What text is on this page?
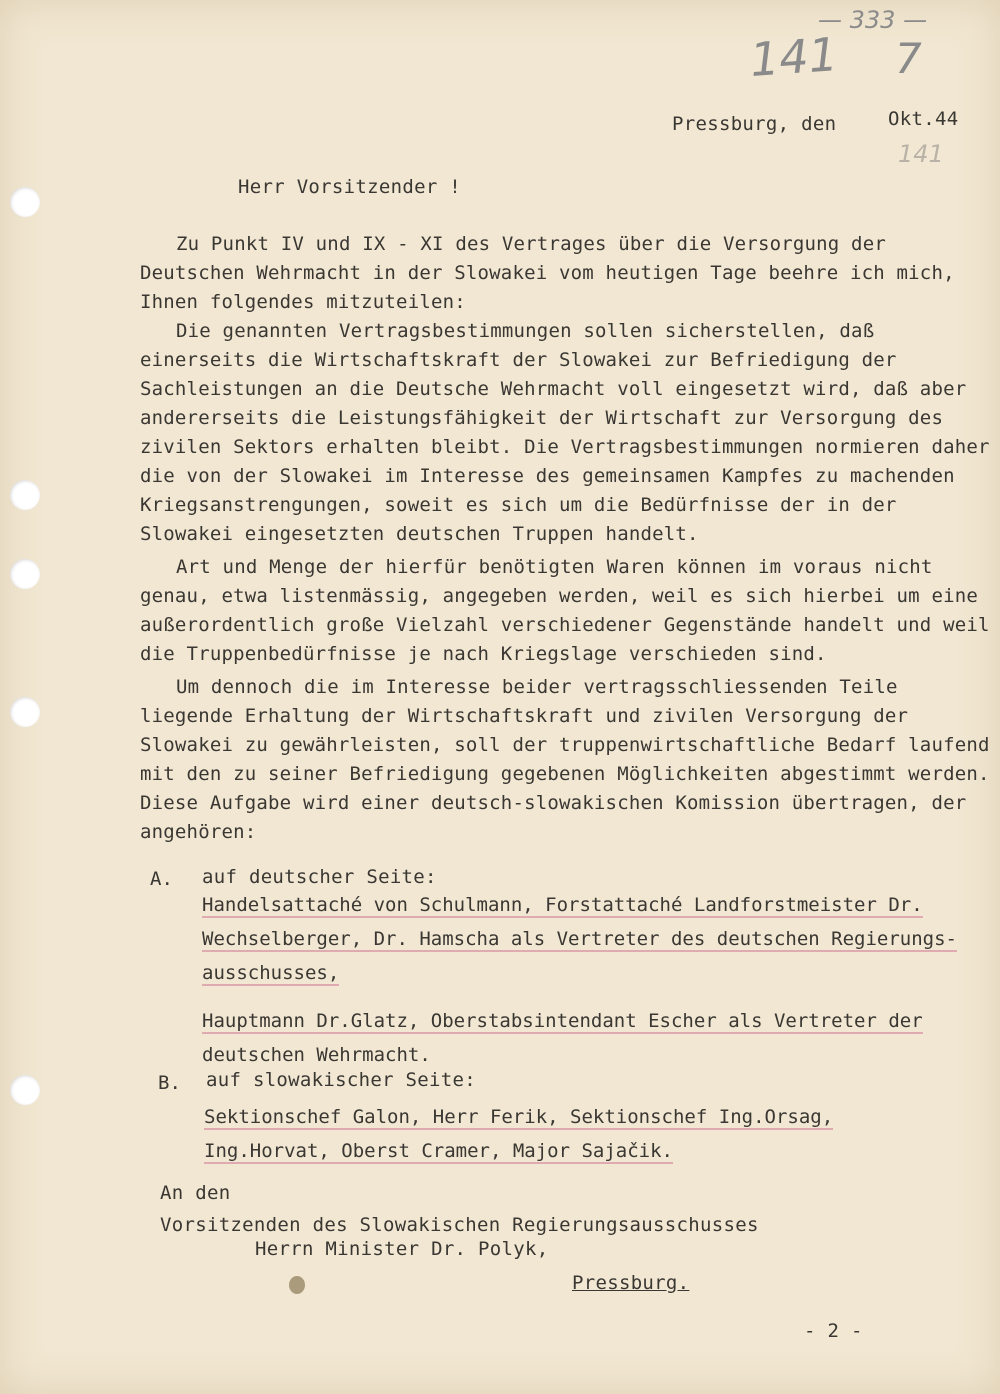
— 333 —
141 7
141
Pressburg, den	Okt.44
Herr Vorsitzender !

Zu Punkt IV und IX - XI des Vertrages über die Versorgung der Deutschen Wehrmacht in der Slowakei vom heutigen Tage beehre ich mich, Ihnen folgendes mitzuteilen:

Die genannten Vertragsbestimmungen sollen sicherstellen, daß einerseits die Wirtschaftskraft der Slowakei zur Befriedigung der Sachleistungen an die Deutsche Wehrmacht voll eingesetzt wird, daß aber andererseits die Leistungsfähigkeit der Wirtschaft zur Versorgung des zivilen Sektors erhalten bleibt. Die Vertragsbestimmungen normieren daher die von der Slowakei im Interesse des gemeinsamen Kampfes zu machenden Kriegsanstrengungen, soweit es sich um die Bedürfnisse der in der Slowakei eingesetzten deutschen Truppen handelt.

Art und Menge der hierfür benötigten Waren können im voraus nicht genau, etwa listenmässig, angegeben werden, weil es sich hierbei um eine außerordentlich große Vielzahl verschiedener Gegenstände handelt und weil die Truppenbedürfnisse je nach Kriegslage verschieden sind.

Um dennoch die im Interesse beider vertragsschliessenden Teile liegende Erhaltung der Wirtschaftskraft und zivilen Versorgung der Slowakei zu gewährleisten, soll der truppenwirtschaftliche Bedarf laufend mit den zu seiner Befriedigung gegebenen Möglichkeiten abgestimmt werden. Diese Aufgabe wird einer deutsch-slowakischen Komission übertragen, der angehören:

A. auf deutscher Seite:
Handelsattaché von Schulmann, Forstattaché Landforstmeister Dr.
Wechselberger, Dr. Hamscha als Vertreter des deutschen Regierungs-
ausschusses,
Hauptmann Dr.Glatz, Oberstabsintendant Escher als Vertreter der
deutschen Wehrmacht.
B. auf slowakischer Seite:
Sektionschef Galon, Herr Ferik, Sektionschef Ing.Orsag,
Ing.Horvat, Oberst Cramer, Major Sajačik.
An den
Vorsitzenden des Slowakischen Regierungsausschusses
Herrn Minister Dr. Polyk,
Pressburg.
- 2 -
